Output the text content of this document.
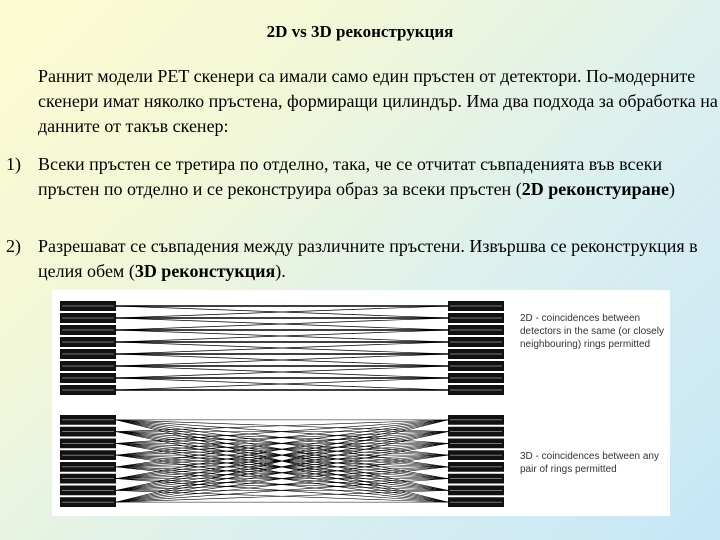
2D vs 3D реконструкция

Раннит модели PET скенери са имали само един пръстен от детектори. По-модерните скенери имат няколко пръстена, формиращи цилиндър. Има два подхода за обработка на данните от такъв скенер:

1) Всеки пръстен се третира по отделно, така, че се отчитат съвпаденията във всеки пръстен по отделно и се реконструира образ за всеки пръстен (2D реконстуиране)
2) Разрешават се съвпадения между различните пръстени. Извършва се реконструкция в целия обем (3D реконстукция).
2D - coincidences between detectors in the same (or closely neighbouring) rings permitted
3D - coincidences between any pair of rings permitted
